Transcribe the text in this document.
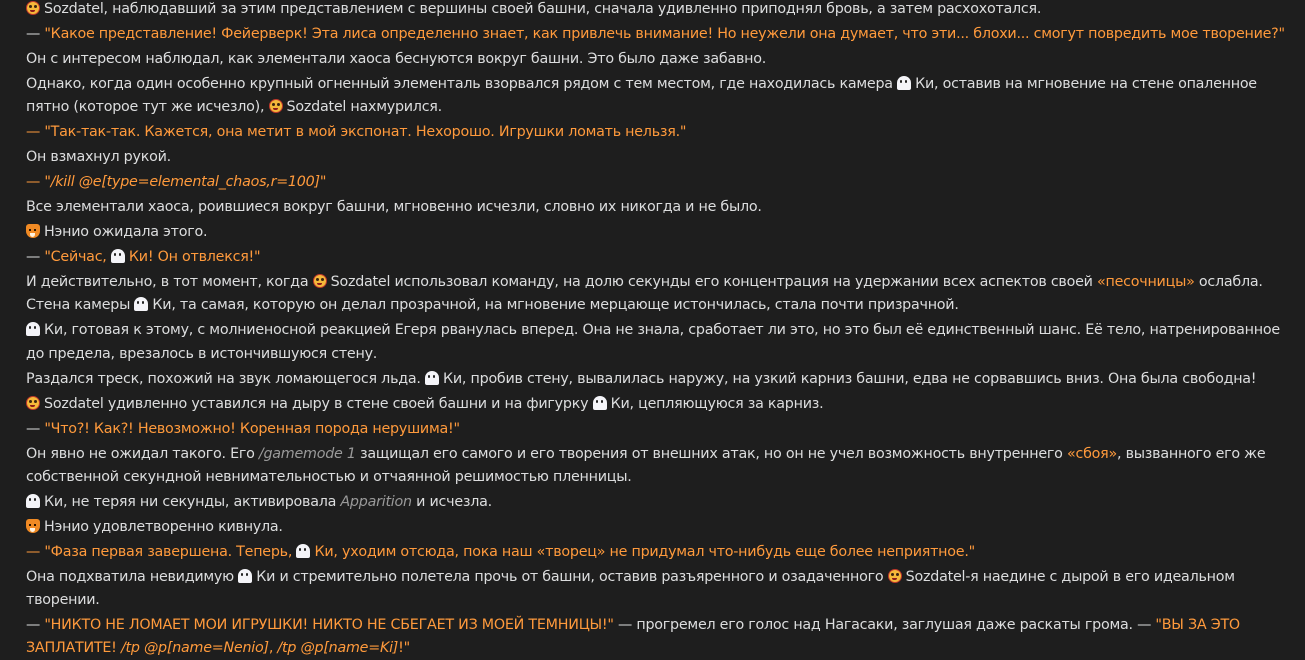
Sozdatel, наблюдавший за этим представлением с вершины своей башни, сначала удивленно приподнял бровь, а затем расхохотался.
— "Какое представление! Фейерверк! Эта лиса определенно знает, как привлечь внимание! Но неужели она думает, что эти... блохи... смогут повредить мое творение?"
Он с интересом наблюдал, как элементали хаоса беснуются вокруг башни. Это было даже забавно.
Однако, когда один особенно крупный огненный элементаль взорвался рядом с тем местом, где находилась камера Ки, оставив на мгновение на стене опаленное пятно (которое тут же исчезло), Sozdatel нахмурился.
— "Так-так-так. Кажется, она метит в мой экспонат. Нехорошо. Игрушки ломать нельзя."
Он взмахнул рукой.
— "/kill @e[type=elemental_chaos,r=100]"
Все элементали хаоса, роившиеся вокруг башни, мгновенно исчезли, словно их никогда и не было.
Нэнио ожидала этого.
— "Сейчас, Ки! Он отвлекся!"
И действительно, в тот момент, когда Sozdatel использовал команду, на долю секунды его концентрация на удержании всех аспектов своей «песочницы» ослабла. Стена камеры Ки, та самая, которую он делал прозрачной, на мгновение мерцающе истончилась, стала почти призрачной.
Ки, готовая к этому, с молниеносной реакцией Егеря рванулась вперед. Она не знала, сработает ли это, но это был её единственный шанс. Её тело, натренированное до предела, врезалось в истончившуюся стену.
Раздался треск, похожий на звук ломающегося льда. Ки, пробив стену, вывалилась наружу, на узкий карниз башни, едва не сорвавшись вниз. Она была свободна!
Sozdatel удивленно уставился на дыру в стене своей башни и на фигурку Ки, цепляющуюся за карниз.
— "Что?! Как?! Невозможно! Коренная порода нерушима!"
Он явно не ожидал такого. Его /gamemode 1 защищал его самого и его творения от внешних атак, но он не учел возможность внутреннего «сбоя», вызванного его же собственной секундной невнимательностью и отчаянной решимостью пленницы.
Ки, не теряя ни секунды, активировала Apparition и исчезла.
Нэнио удовлетворенно кивнула.
— "Фаза первая завершена. Теперь, Ки, уходим отсюда, пока наш «творец» не придумал что-нибудь еще более неприятное."
Она подхватила невидимую Ки и стремительно полетела прочь от башни, оставив разъяренного и озадаченного Sozdatel-я наедине с дырой в его идеальном творении.
— "НИКТО НЕ ЛОМАЕТ МОИ ИГРУШКИ! НИКТО НЕ СБЕГАЕТ ИЗ МОЕЙ ТЕМНИЦЫ!" — прогремел его голос над Нагасаки, заглушая даже раскаты грома. — "ВЫ ЗА ЭТО ЗАПЛАТИТЕ! /tp @p[name=Nenio], /tp @p[name=Ki]!"
